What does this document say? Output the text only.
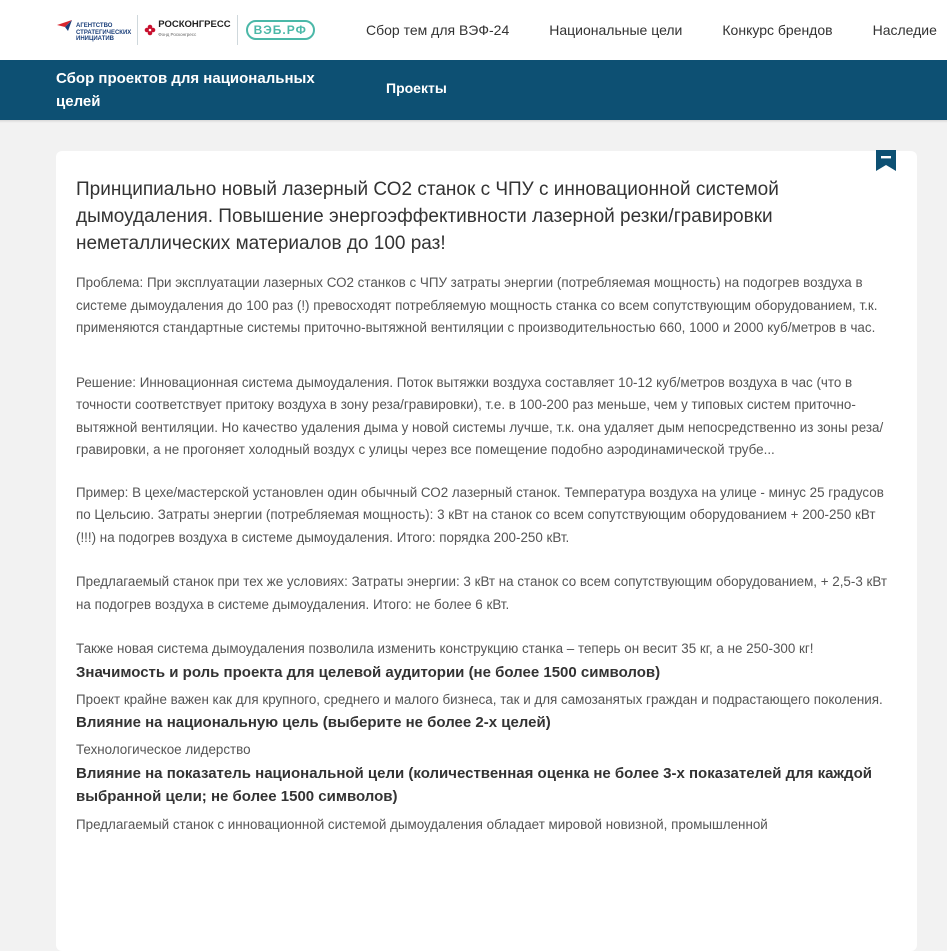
АГЕНТСТВО
СТРАТЕГИЧЕСКИХ
ИНИЦИАТИВ
РОСКОНГРЕСС
Фонд Росконгресс	ВЭБ.РФ	Сбор тем для ВЭФ-24	Национальные цели	Конкурс брендов	Наследие
Сбор проектов для национальных целей
Проекты
Принципиально новый лазерный СО2 станок с ЧПУ с инновационной системой дымоудаления. Повышение энергоэффективности лазерной резки/гравировки неметаллических материалов до 100 раз!

Проблема: При эксплуатации лазерных СО2 станков с ЧПУ затраты энергии (потребляемая мощность) на подогрев воздуха в системе дымоудаления до 100 раз (!) превосходят потребляемую мощность станка со всем сопутствующим оборудованием, т.к. применяются стандартные системы приточно-вытяжной вентиляции с производительностью 660, 1000 и 2000 куб/метров в час.

Решение: Инновационная система дымоудаления. Поток вытяжки воздуха составляет 10-12 куб/метров воздуха в час (что в точности соответствует притоку воздуха в зону реза/гравировки), т.е. в 100-200 раз меньше, чем у типовых систем приточно-вытяжной вентиляции. Но качество удаления дыма у новой системы лучше, т.к. она удаляет дым непосредственно из зоны реза/гравировки, а не прогоняет холодный воздух с улицы через все помещение подобно аэродинамической трубе...

Пример: В цехе/мастерской установлен один обычный СО2 лазерный станок. Температура воздуха на улице - минус 25 градусов по Цельсию. Затраты энергии (потребляемая мощность): 3 кВт на станок со всем сопутствующим оборудованием + 200-250 кВт (!!!) на подогрев воздуха в системе дымоудаления. Итого: порядка 200-250 кВт.

Предлагаемый станок при тех же условиях: Затраты энергии: 3 кВт на станок со всем сопутствующим оборудованием, + 2,5-3 кВт на подогрев воздуха в системе дымоудаления. Итого: не более 6 кВт.

Также новая система дымоудаления позволила изменить конструкцию станка – теперь он весит 35 кг, а не 250-300 кг!

Значимость и роль проекта для целевой аудитории (не более 1500 символов)

Проект крайне важен как для крупного, среднего и малого бизнеса, так и для самозанятых граждан и подрастающего поколения.

Влияние на национальную цель (выберите не более 2-х целей)

Технологическое лидерство

Влияние на показатель национальной цели (количественная оценка не более 3-х показателей для каждой выбранной цели; не более 1500 символов)

Предлагаемый станок с инновационной системой дымоудаления обладает мировой новизной, промышленной
